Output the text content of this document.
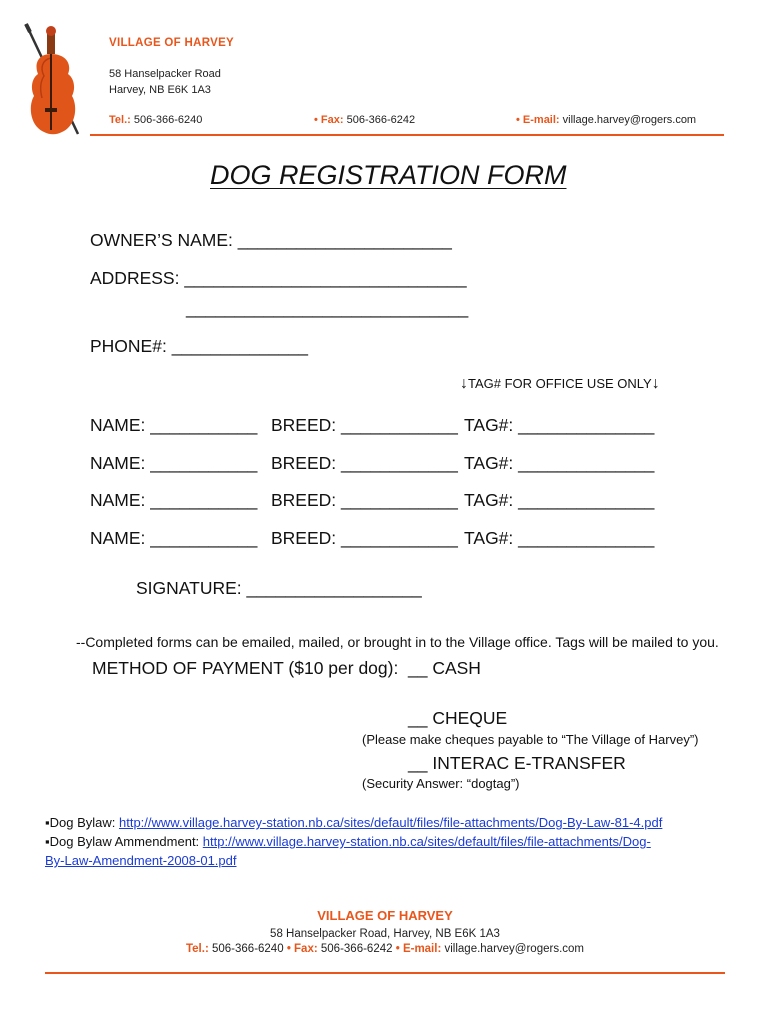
VILLAGE OF HARVEY
58 Hanselpacker Road
Harvey, NB E6K 1A3
Tel.: 506-366-6240	• Fax: 506-366-6242	• E-mail: village.harvey@rogers.com
DOG REGISTRATION FORM
OWNER’S NAME: ______________________
ADDRESS: _____________________________
_____________________________
PHONE#: ______________
↓TAG# FOR OFFICE USE ONLY↓
NAME: ___________ BREED: ____________ TAG#: ______________
NAME: ___________ BREED: ____________ TAG#: ______________
NAME: ___________ BREED: ____________ TAG#: ______________
NAME: ___________ BREED: ____________ TAG#: ______________
SIGNATURE: __________________
--Completed forms can be emailed, mailed, or brought in to the Village office. Tags will be mailed to you.
METHOD OF PAYMENT ($10 per dog): __ CASH
__ CHEQUE
(Please make cheques payable to “The Village of Harvey”)
__ INTERAC E-TRANSFER
(Security Answer: “dogtag”)
▪Dog Bylaw: http://www.village.harvey-station.nb.ca/sites/default/files/file-attachments/Dog-By-Law-81-4.pdf
▪Dog Bylaw Ammendment: http://www.village.harvey-station.nb.ca/sites/default/files/file-attachments/Dog-
By-Law-Amendment-2008-01.pdf
VILLAGE OF HARVEY
58 Hanselpacker Road, Harvey, NB E6K 1A3
Tel.: 506-366-6240 • Fax: 506-366-6242 • E-mail: village.harvey@rogers.com
